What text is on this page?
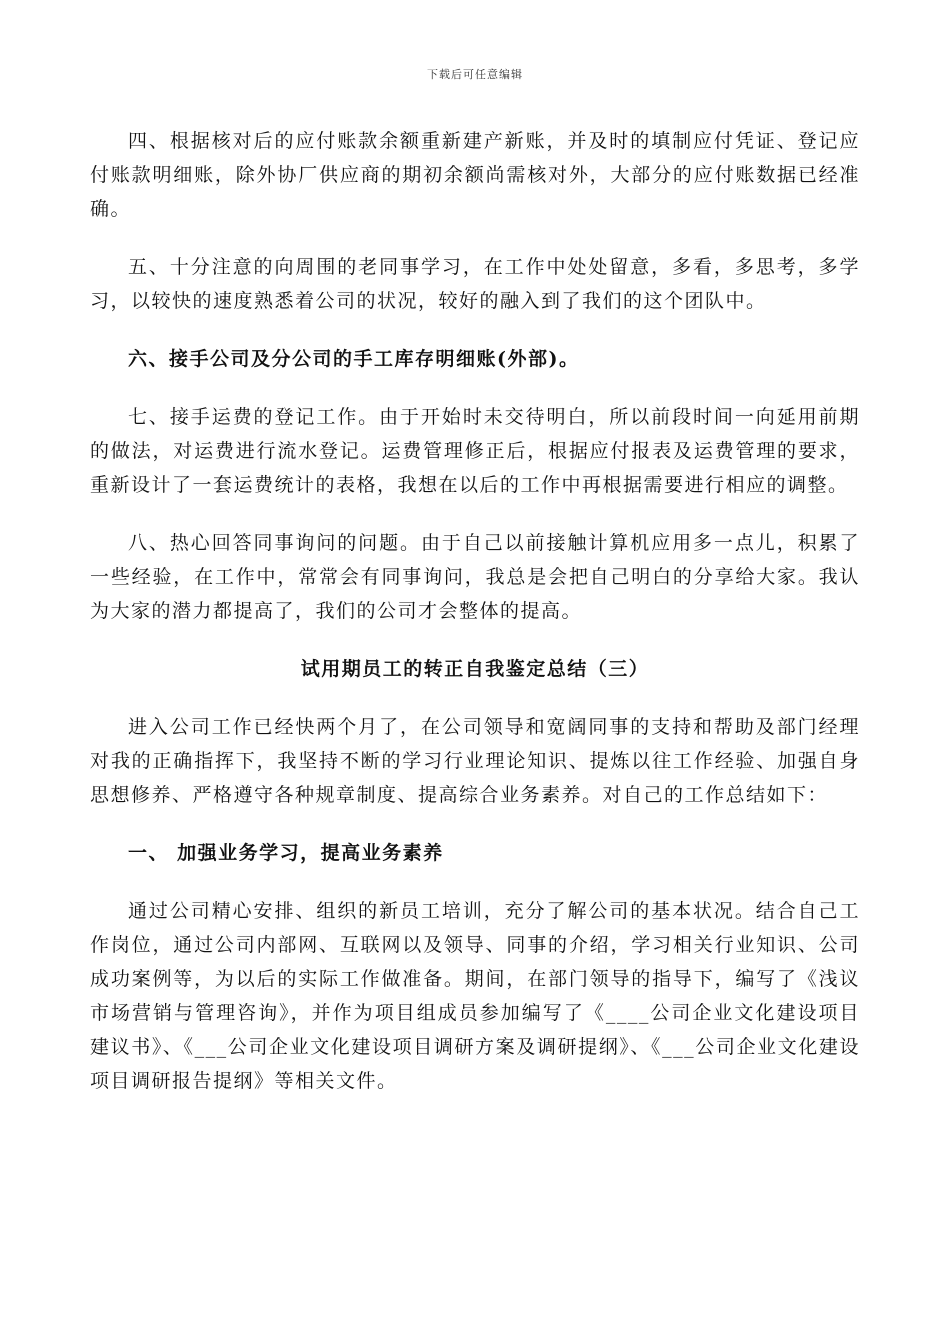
下载后可任意编辑

四、根据核对后的应付账款余额重新建产新账，并及时的填制应付凭证、登记应付账款明细账，除外协厂供应商的期初余额尚需核对外，大部分的应付账数据已经准确。

五、十分注意的向周围的老同事学习，在工作中处处留意，多看，多思考，多学习，以较快的速度熟悉着公司的状况，较好的融入到了我们的这个团队中。

六、接手公司及分公司的手工库存明细账(外部)。

七、接手运费的登记工作。由于开始时未交待明白，所以前段时间一向延用前期的做法，对运费进行流水登记。运费管理修正后，根据应付报表及运费管理的要求，重新设计了一套运费统计的表格，我想在以后的工作中再根据需要进行相应的调整。

八、热心回答同事询问的问题。由于自己以前接触计算机应用多一点儿，积累了一些经验，在工作中，常常会有同事询问，我总是会把自己明白的分享给大家。我认为大家的潜力都提高了，我们的公司才会整体的提高。

试用期员工的转正自我鉴定总结（三）

进入公司工作已经快两个月了，在公司领导和宽阔同事的支持和帮助及部门经理对我的正确指挥下，我坚持不断的学习行业理论知识、提炼以往工作经验、加强自身思想修养、严格遵守各种规章制度、提高综合业务素养。对自己的工作总结如下：

一、 加强业务学习，提高业务素养

通过公司精心安排、组织的新员工培训，充分了解公司的基本状况。结合自己工作岗位，通过公司内部网、互联网以及领导、同事的介绍，学习相关行业知识、公司成功案例等，为以后的实际工作做准备。期间，在部门领导的指导下，编写了《浅议市场营销与管理咨询》，并作为项目组成员参加编写了《____公司企业文化建设项目建议书》、《___公司企业文化建设项目调研方案及调研提纲》、《___公司企业文化建设项目调研报告提纲》等相关文件。
